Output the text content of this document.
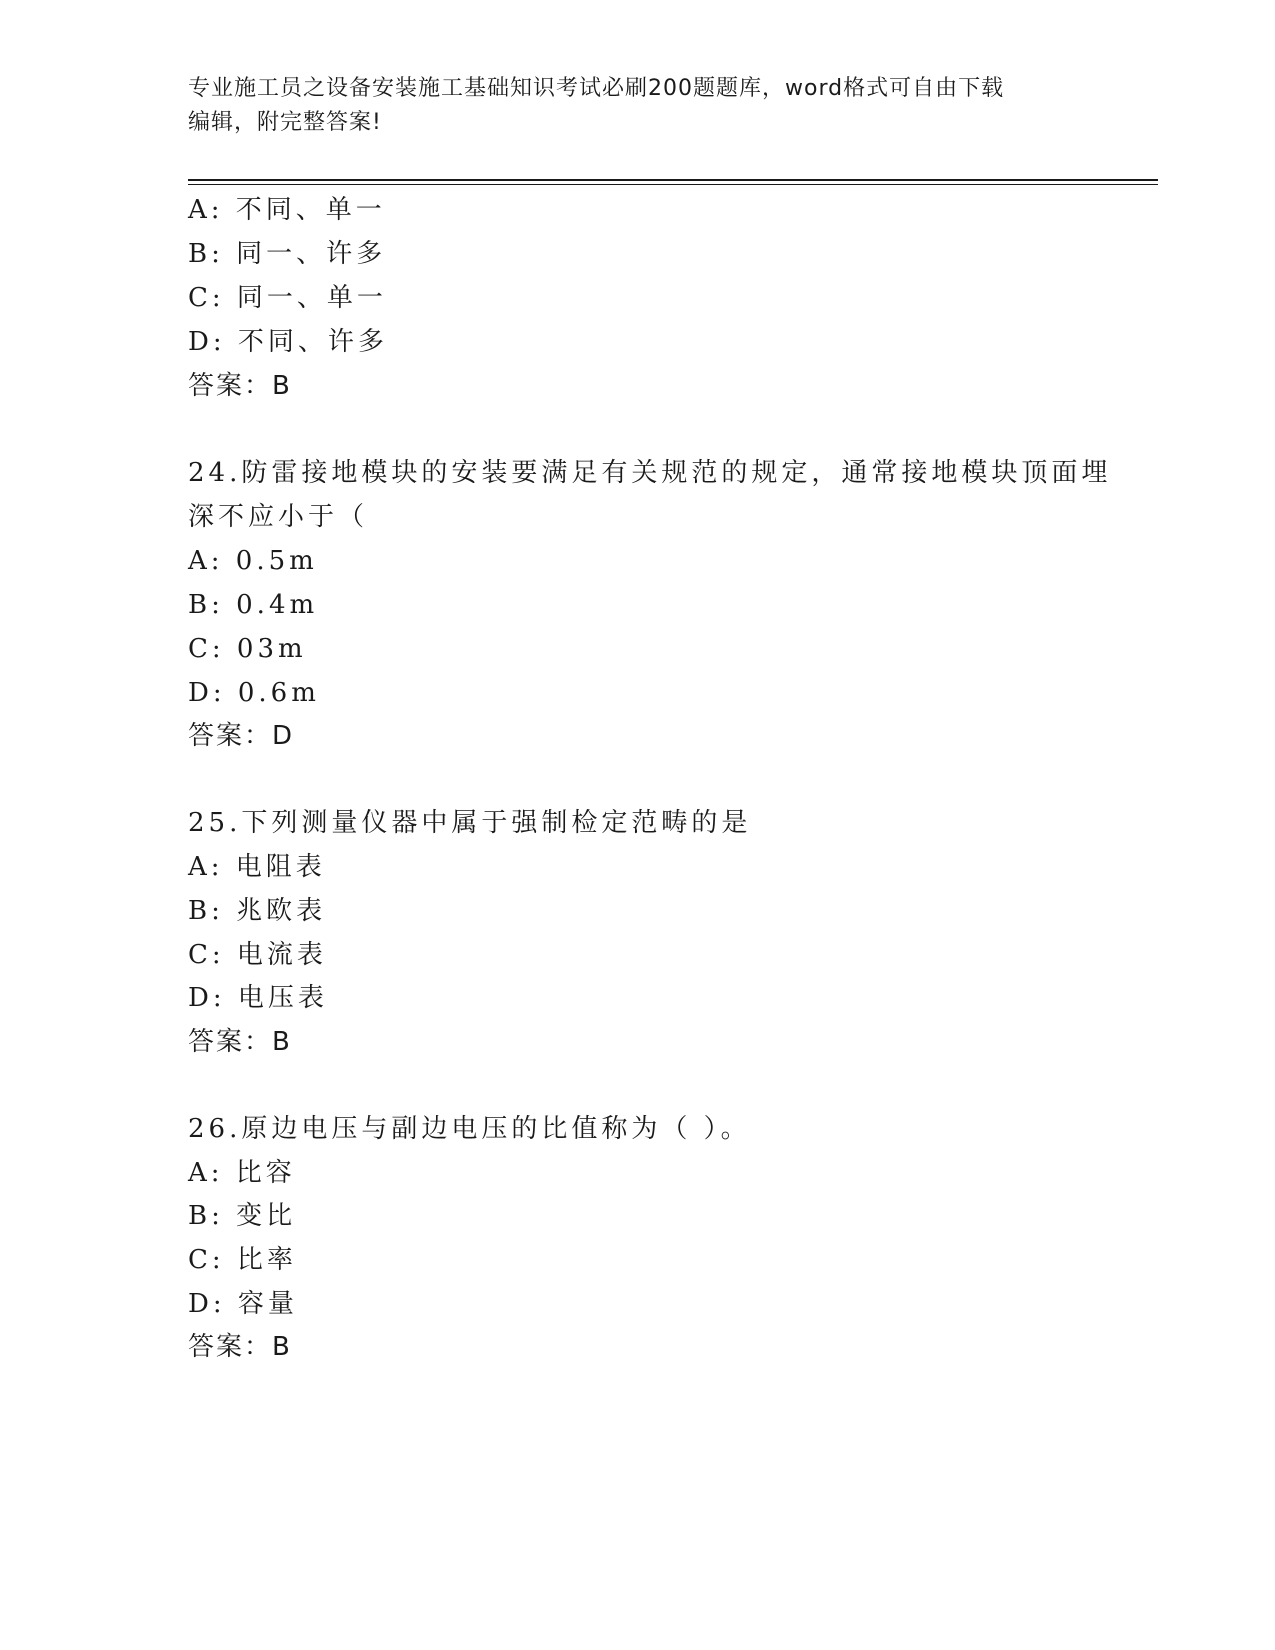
专业施工员之设备安装施工基础知识考试必刷200题题库，word格式可自由下载
编辑，附完整答案!
A: 不同、单一
B: 同一、许多
C: 同一、单一
D: 不同、许多
答案：B
24.防雷接地模块的安装要满足有关规范的规定，通常接地模块顶面埋
深不应小于（
A: 0.5m
B: 0.4m
C: 03m
D: 0.6m
答案：D
25.下列测量仪器中属于强制检定范畴的是
A: 电阻表
B: 兆欧表
C: 电流表
D: 电压表
答案：B
26.原边电压与副边电压的比值称为（ ）。
A: 比容
B: 变比
C: 比率
D: 容量
答案：B
